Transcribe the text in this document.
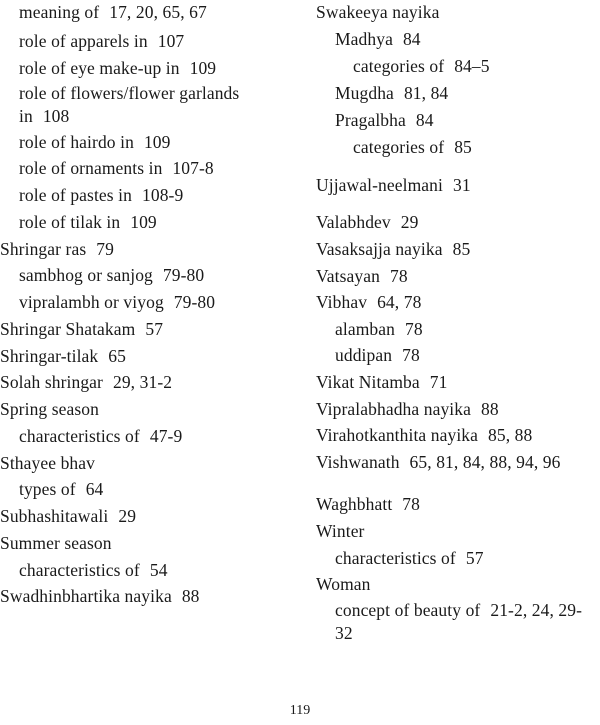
meaning of 17, 20, 65, 67
role of apparels in 107
role of eye make-up in 109
role of flowers/flower garlands in 108
role of hairdo in 109
role of ornaments in 107-8
role of pastes in 108-9
role of tilak in 109
Shringar ras 79
sambhog or sanjog 79-80
vipralambh or viyog 79-80
Shringar Shatakam 57
Shringar-tilak 65
Solah shringar 29, 31-2
Spring season
characteristics of 47-9
Sthayee bhav
types of 64
Subhashitawali 29
Summer season
characteristics of 54
Swadhinbhartika nayika 88
Swakeeya nayika
Madhya 84
categories of 84–5
Mugdha 81, 84
Pragalbha 84
categories of 85
Ujjawal-neelmani 31
Valabhdev 29
Vasaksajja nayika 85
Vatsayan 78
Vibhav 64, 78
alamban 78
uddipan 78
Vikat Nitamba 71
Vipralabhadha nayika 88
Virahotkanthita nayika 85, 88
Vishwanath 65, 81, 84, 88, 94, 96
Waghbhatt 78
Winter
characteristics of 57
Woman
concept of beauty of 21-2, 24, 29-32
119
